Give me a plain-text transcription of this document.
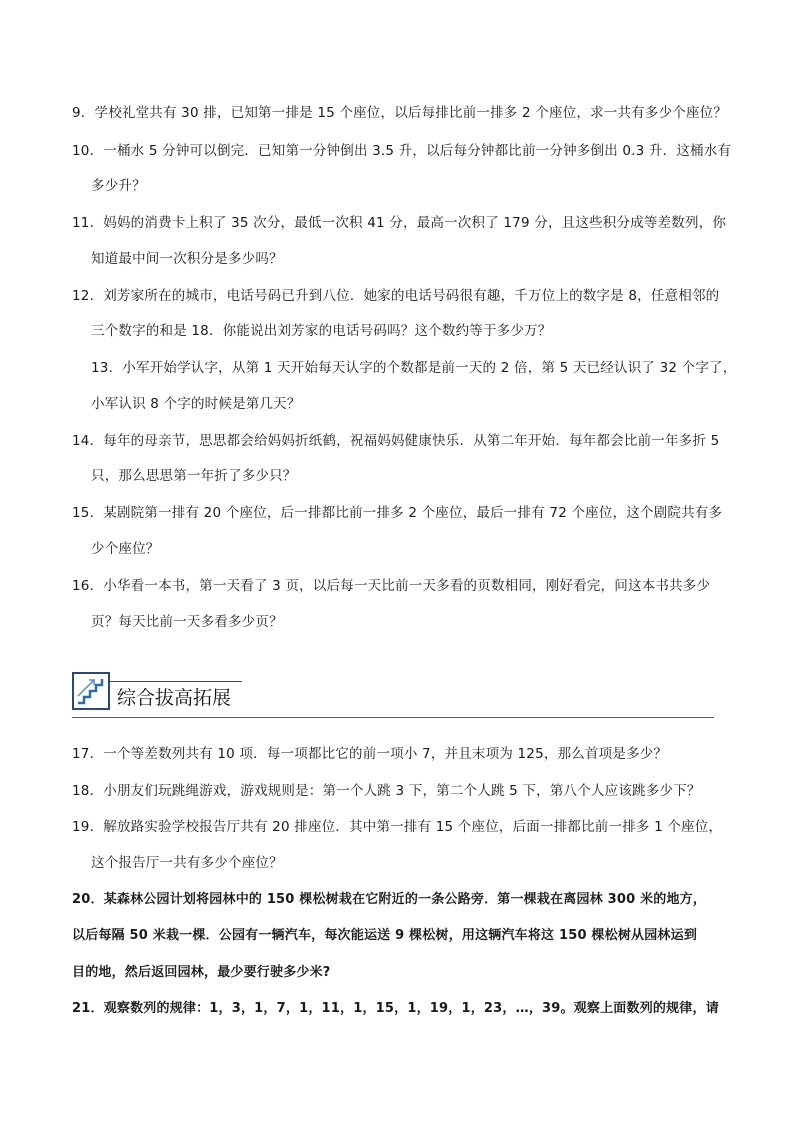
9．学校礼堂共有 30 排，已知第一排是 15 个座位，以后每排比前一排多 2 个座位，求一共有多少个座位？
10．一桶水 5 分钟可以倒完．已知第一分钟倒出 3.5 升，以后每分钟都比前一分钟多倒出 0.3 升．这桶水有
多少升？
11．妈妈的消费卡上积了 35 次分，最低一次积 41 分，最高一次积了 179 分，且这些积分成等差数列，你
知道最中间一次积分是多少吗？
12．刘芳家所在的城市，电话号码已升到八位．她家的电话号码很有趣，千万位上的数字是 8，任意相邻的
三个数字的和是 18．你能说出刘芳家的电话号码吗？这个数约等于多少万？
13．小军开始学认字，从第 1 天开始每天认字的个数都是前一天的 2 倍，第 5 天已经认识了 32 个字了，
小军认识 8 个字的时候是第几天？
14．每年的母亲节，思思都会给妈妈折纸鹤，祝福妈妈健康快乐．从第二年开始．每年都会比前一年多折 5
只，那么思思第一年折了多少只？
15．某剧院第一排有 20 个座位，后一排都比前一排多 2 个座位，最后一排有 72 个座位，这个剧院共有多
少个座位？
16．小华看一本书，第一天看了 3 页，以后每一天比前一天多看的页数相同，刚好看完，问这本书共多少
页？每天比前一天多看多少页？
综合拔高拓展
17．一个等差数列共有 10 项．每一项都比它的前一项小 7，并且末项为 125，那么首项是多少？
18．小朋友们玩跳绳游戏，游戏规则是：第一个人跳 3 下，第二个人跳 5 下，第八个人应该跳多少下？
19．解放路实验学校报告厅共有 20 排座位．其中第一排有 15 个座位，后面一排都比前一排多 1 个座位，
这个报告厅一共有多少个座位？
20．某森林公园计划将园林中的 150 棵松树栽在它附近的一条公路旁．第一棵栽在离园林 300 米的地方，
以后每隔 50 米栽一棵．公园有一辆汽车，每次能运送 9 棵松树，用这辆汽车将这 150 棵松树从园林运到
目的地，然后返回园林，最少要行驶多少米?
21．观察数列的规律：1，3，1，7，1，11，1，15，1，19，1，23，…，39。观察上面数列的规律，请
